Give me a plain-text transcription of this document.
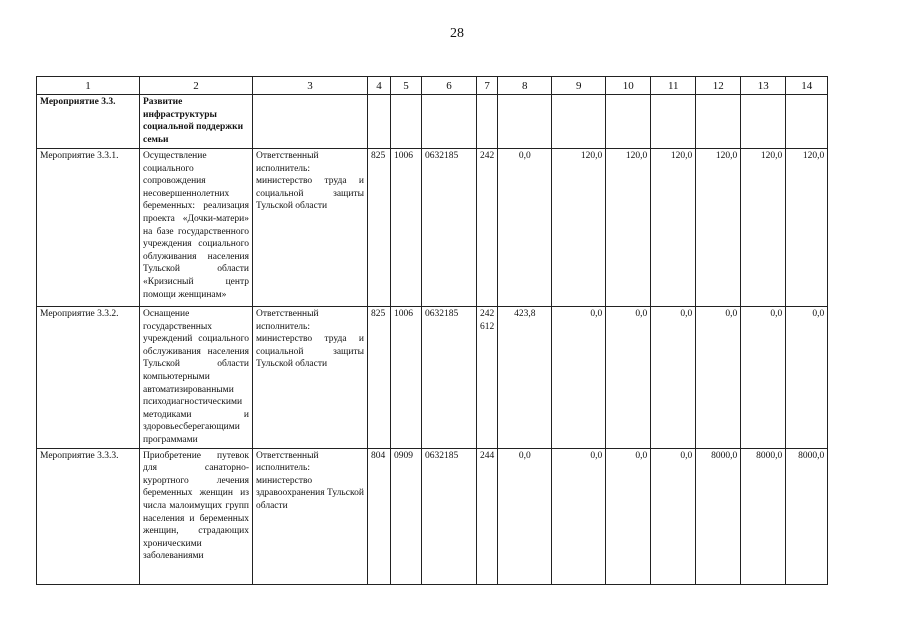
28
1	2	3	4	5	6	7	8	9	10	11	12	13	14
Мероприятие 3.3.	Развитие инфраструктуры социальной поддержки семьи												
Мероприятие 3.3.1.	Осуществление социального сопровождения несовершеннолетних беременных: реализация проекта «Дочки-матери» на базе государственного учреждения социального облуживания населения Тульской области «Кризисный центр помощи женщинам»	Ответственный исполнитель: министерство труда и социальной защиты Тульской области	825	1006	0632185	242	0,0	120,0	120,0	120,0	120,0	120,0	120,0
Мероприятие 3.3.2.	Оснащение государственных учреждений социального обслуживания населения Тульской области компьютерными автоматизированными психодиагностическими методиками и здоровьесберегающими программами	Ответственный исполнитель: министерство труда и социальной защиты Тульской области	825	1006	0632185	242 612	423,8	0,0	0,0	0,0	0,0	0,0	0,0
Мероприятие 3.3.3.	Приобретение путевок для санаторно-курортного лечения беременных женщин из числа малоимущих групп населения и беременных женщин, страдающих хроническими заболеваниями	Ответственный исполнитель: министерство здравоохранения Тульской области	804	0909	0632185	244	0,0	0,0	0,0	0,0	8000,0	8000,0	8000,0
